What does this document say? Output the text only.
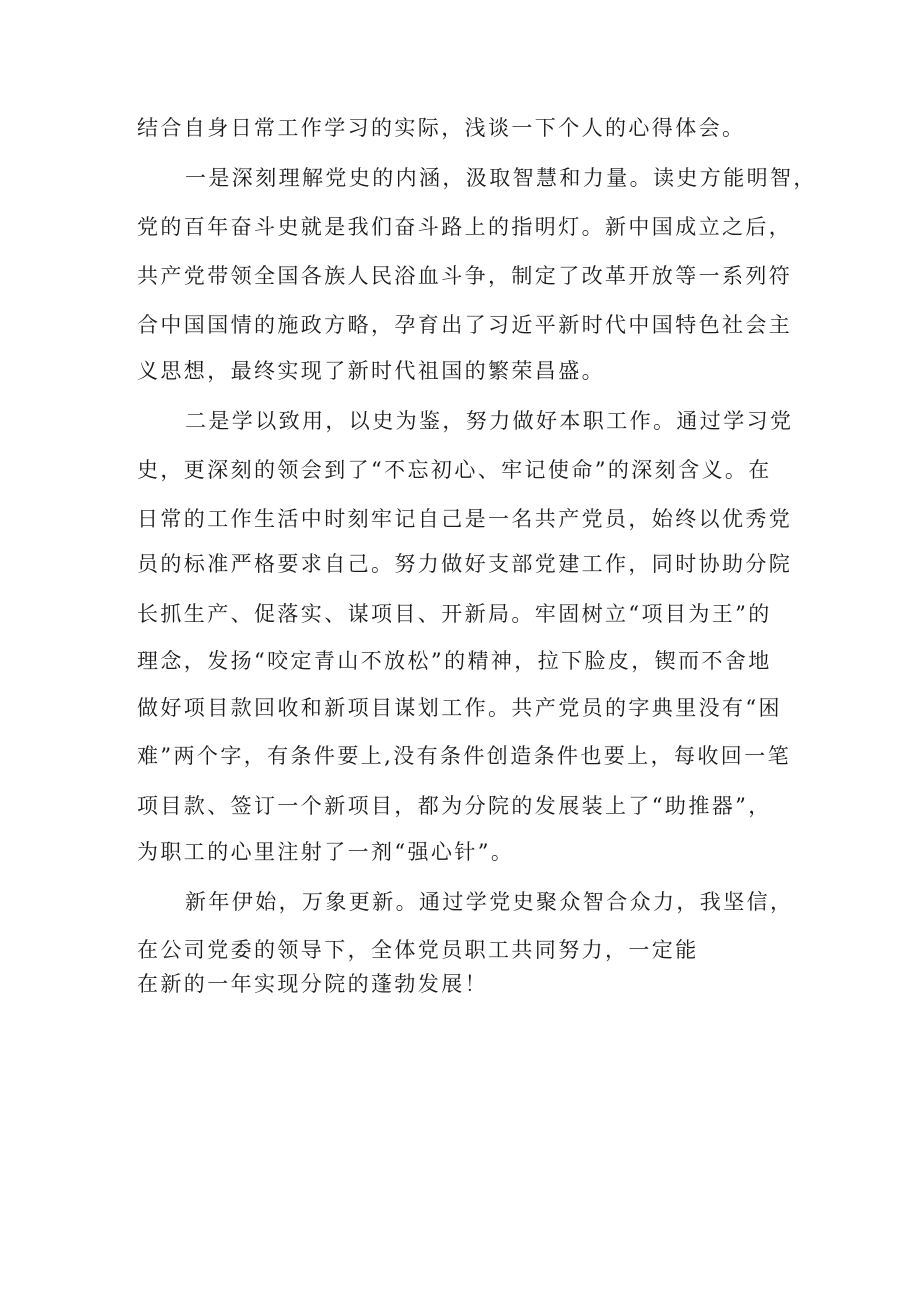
结合自身日常工作学习的实际，浅谈一下个人的心得体会。
一是深刻理解党史的内涵，汲取智慧和力量。读史方能明智，
党的百年奋斗史就是我们奋斗路上的指明灯。新中国成立之后，
共产党带领全国各族人民浴血斗争，制定了改革开放等一系列符
合中国国情的施政方略，孕育出了习近平新时代中国特色社会主
义思想，最终实现了新时代祖国的繁荣昌盛。
二是学以致用，以史为鉴，努力做好本职工作。通过学习党
史，更深刻的领会到了“不忘初心、牢记使命”的深刻含义。在
日常的工作生活中时刻牢记自己是一名共产党员，始终以优秀党
员的标准严格要求自己。努力做好支部党建工作，同时协助分院
长抓生产、促落实、谋项目、开新局。牢固树立“项目为王”的
理念，发扬“咬定青山不放松”的精神，拉下脸皮，锲而不舍地
做好项目款回收和新项目谋划工作。共产党员的字典里没有“困
难”两个字，有条件要上,没有条件创造条件也要上，每收回一笔
项目款、签订一个新项目，都为分院的发展装上了“助推器”，
为职工的心里注射了一剂“强心针”。
新年伊始，万象更新。通过学党史聚众智合众力，我坚信，
在公司党委的领导下，全体党员职工共同努力，一定能
在新的一年实现分院的蓬勃发展！
